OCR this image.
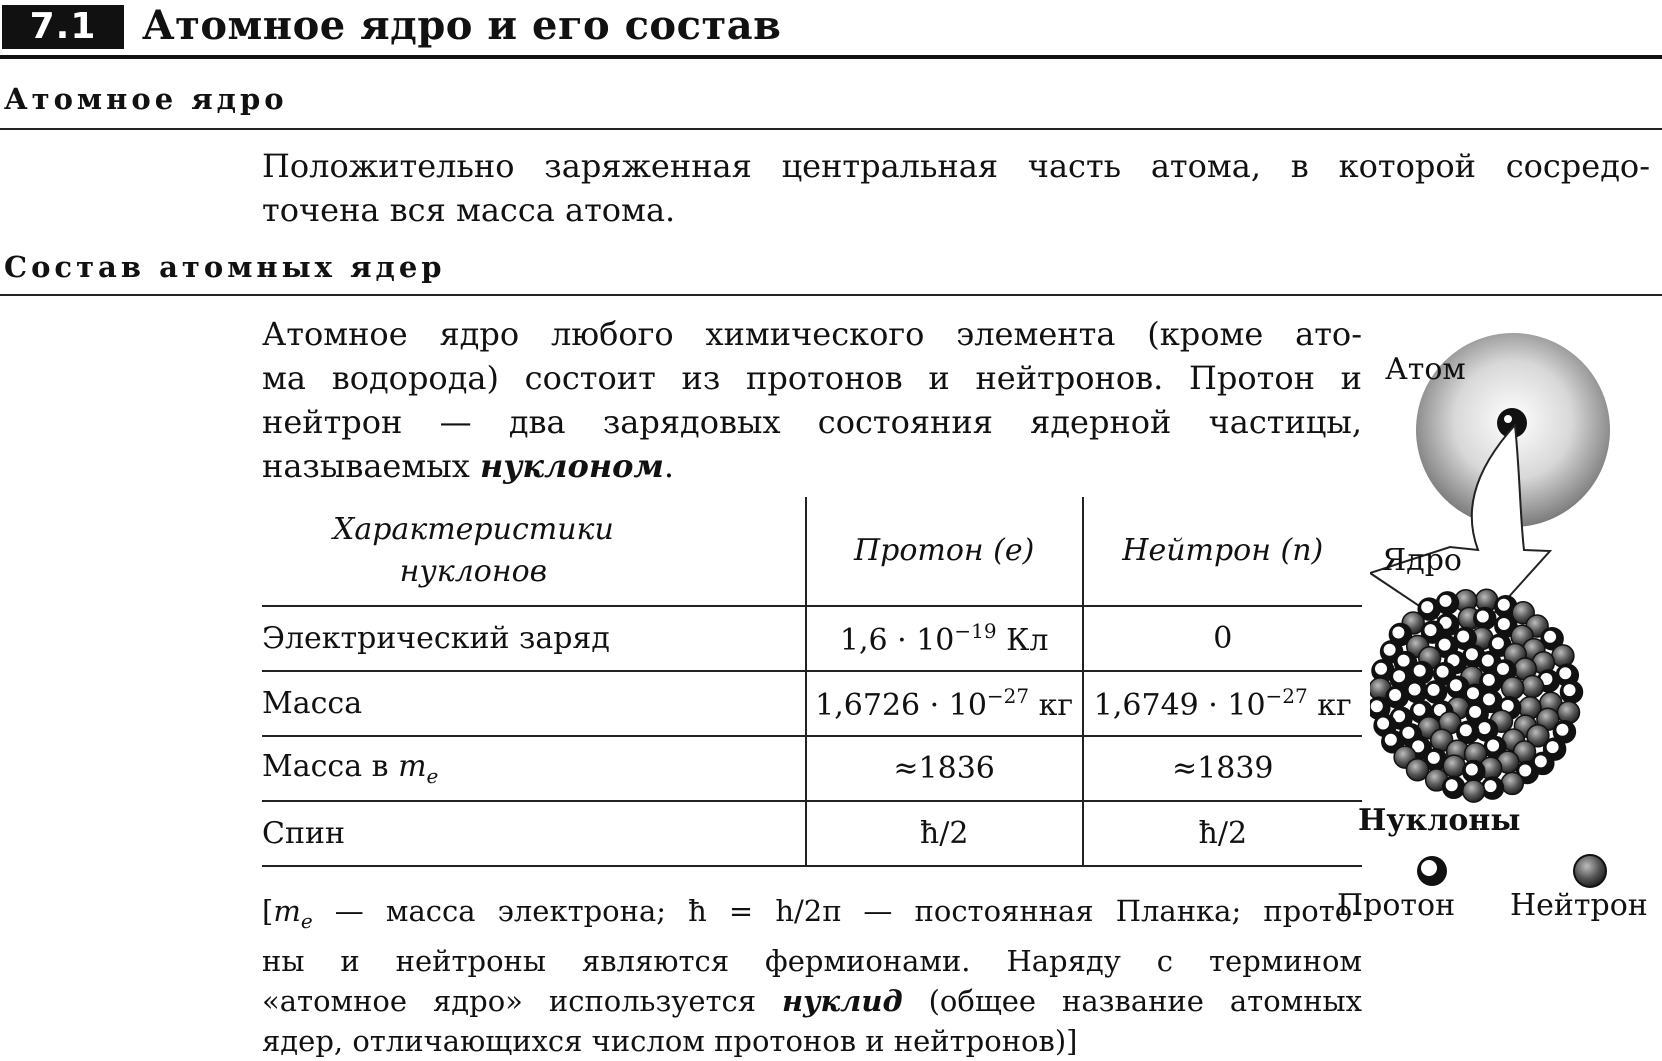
7.1	Атомное ядро и его состав
Атомное ядро
Положительно заряженная центральная часть атома, в которой сосредо-
точена вся масса атома.
Состав атомных ядер
Атомное ядро любого химического элемента (кроме ато-
ма водорода) состоит из протонов и нейтронов. Протон и
нейтрон — два зарядовых состояния ядерной частицы,
называемых нуклоном.
Характеристики
нуклонов	Протон (e)	Нейтрон (n)
Электрический заряд	$1,6 \cdot 10^{-19}$ Кл	0
Масса	$1,6726 \cdot 10^{-27}$ кг	$1,6749 \cdot 10^{-27}$ кг
Масса в $m_e$	≈1836	≈1839
Спин	ħ/2	ħ/2
[$m_e$ — масса электрона; ħ = h/2π — постоянная Планка; прото-
ны и нейтроны являются фермионами. Наряду с термином
«атомное ядро» используется нуклид (общее название атомных
ядер, отличающихся числом протонов и нейтронов)]
Атом
Ядро
Нуклоны
Протон Нейтрон
